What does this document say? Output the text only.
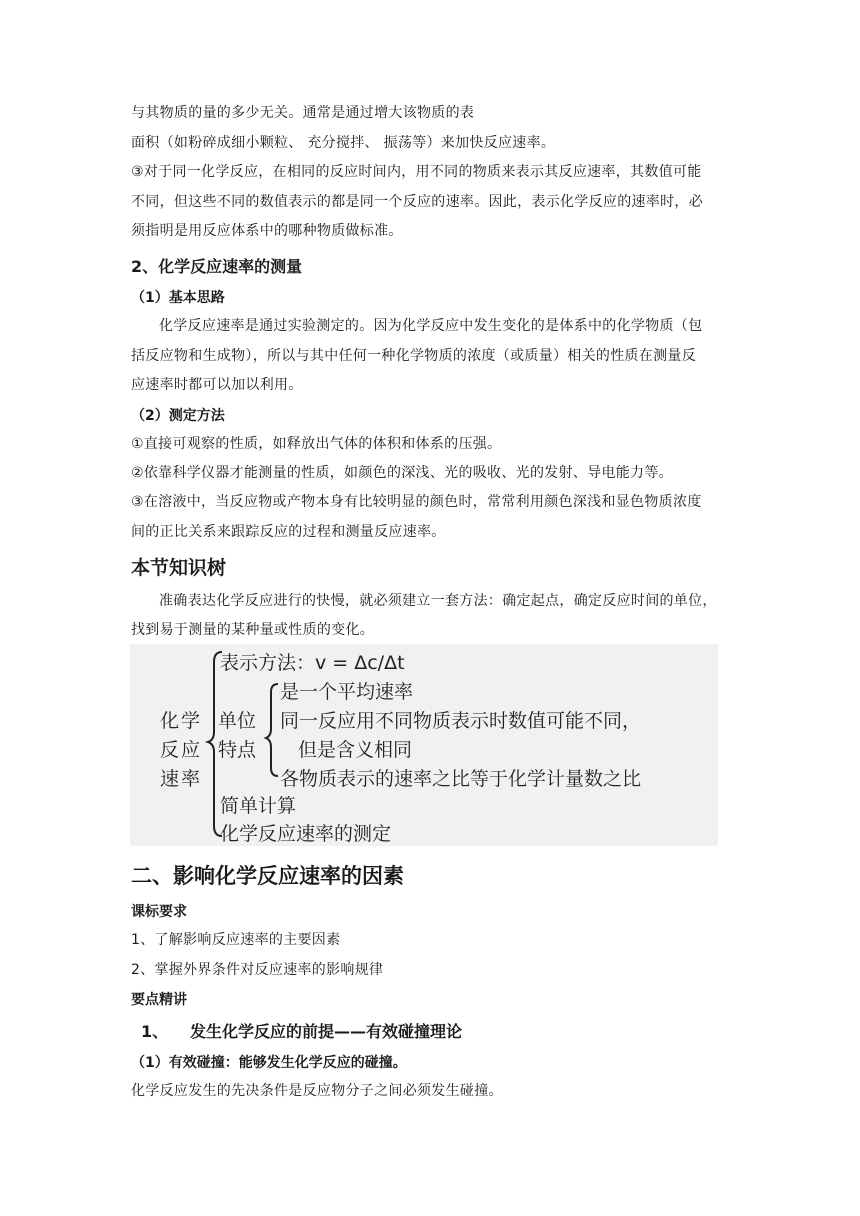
与其物质的量的多少无关。通常是通过增大该物质的表
面积（如粉碎成细小颗粒、 充分搅拌、 振荡等）来加快反应速率。
③对于同一化学反应，在相同的反应时间内，用不同的物质来表示其反应速率，其数值可能
不同，但这些不同的数值表示的都是同一个反应的速率。因此，表示化学反应的速率时，必
须指明是用反应体系中的哪种物质做标准。
2、化学反应速率的测量
（1）基本思路
化学反应速率是通过实验测定的。因为化学反应中发生变化的是体系中的化学物质（包
括反应物和生成物），所以与其中任何一种化学物质的浓度（或质量）相关的性质在测量反
应速率时都可以加以利用。
（2）测定方法
①直接可观察的性质，如释放出气体的体积和体系的压强。
②依靠科学仪器才能测量的性质，如颜色的深浅、光的吸收、光的发射、导电能力等。
③在溶液中，当反应物或产物本身有比较明显的颜色时，常常利用颜色深浅和显色物质浓度
间的正比关系来跟踪反应的过程和测量反应速率。
本节知识树
准确表达化学反应进行的快慢，就必须建立一套方法：确定起点，确定反应时间的单位，
找到易于测量的某种量或性质的变化。
化学
反应
速率
表示方法：v = Δc/Δt
单位
特点
是一个平均速率
同一反应用不同物质表示时数值可能不同，
但是含义相同
各物质表示的速率之比等于化学计量数之比
简单计算
化学反应速率的测定
二、影响化学反应速率的因素
课标要求
1、了解影响反应速率的主要因素
2、掌握外界条件对反应速率的影响规律
要点精讲
1、 发生化学反应的前提——有效碰撞理论
（1）有效碰撞：能够发生化学反应的碰撞。
化学反应发生的先决条件是反应物分子之间必须发生碰撞。
